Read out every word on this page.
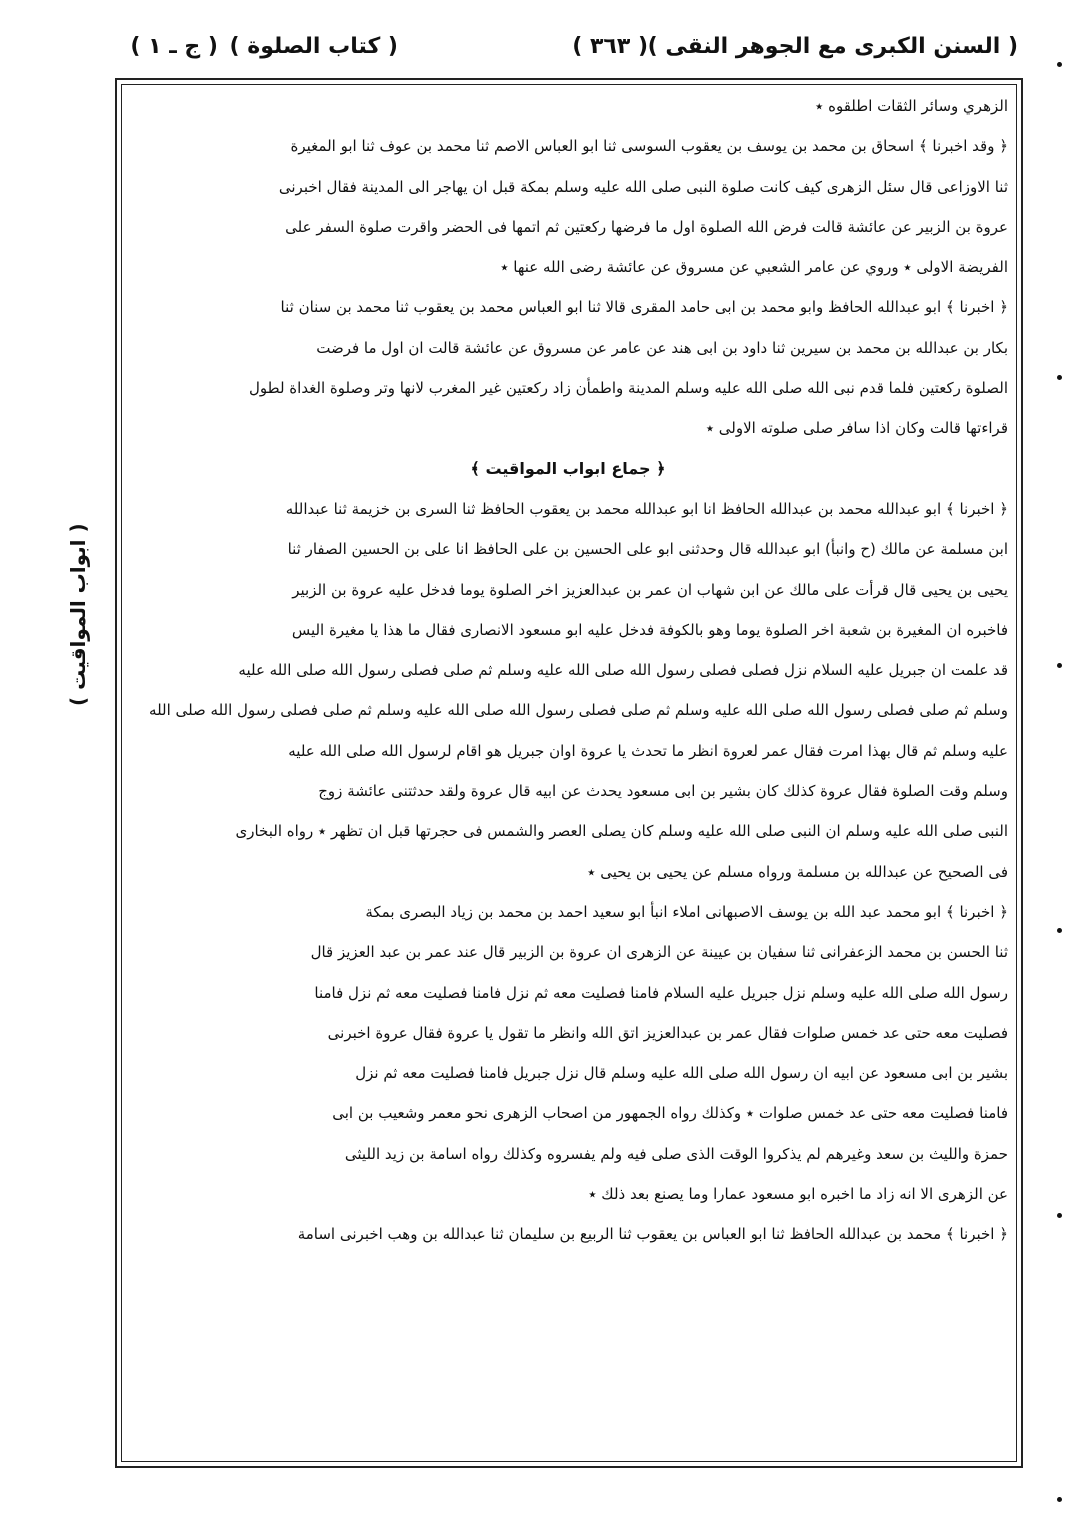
( السنن الكبرى مع الجوهر النقى )
( ٣٦٣ )
( كتاب الصلوة )
( ج ـ ١ )
( ابواب المواقيت )
الزهري وسائر الثقات اطلقوه ٭
﴿ وقد اخبرنا ﴾ اسحاق بن محمد بن يوسف بن يعقوب السوسی ثنا ابو العباس الاصم ثنا محمد بن عوف ثنا ابو المغيرة
ثنا الاوزاعی قال سئل الزهری كيف كانت صلوة النبی صلی الله عليه وسلم بمكة قبل ان يهاجر الی المدينة فقال اخبرنی
عروة بن الزبير عن عائشة قالت فرض الله الصلوة اول ما فرضها ركعتين ثم اتمها فی الحضر واقرت صلوة السفر علی
الفريضة الاولی ٭ وروي عن عامر الشعبي عن مسروق عن عائشة رضی الله عنها ٭
﴿ اخبرنا ﴾ ابو عبدالله الحافظ وابو محمد بن ابی حامد المقری قالا ثنا ابو العباس محمد بن يعقوب ثنا محمد بن سنان ثنا
بكار بن عبدالله بن محمد بن سيرين ثنا داود بن ابی هند عن عامر عن مسروق عن عائشة قالت ان اول ما فرضت
الصلوة ركعتين فلما قدم نبی الله صلی الله عليه وسلم المدينة واطمأن زاد ركعتين غير المغرب لانها وتر وصلوة الغداة لطول
قراءتها قالت وكان اذا سافر صلی صلوته الاولی ٭
﴿ جماع ابواب المواقيت ﴾
﴿ اخبرنا ﴾ ابو عبدالله محمد بن عبدالله الحافظ انا ابو عبدالله محمد بن يعقوب الحافظ ثنا السری بن خزيمة ثنا عبدالله
ابن مسلمة عن مالك (ح وانبأ) ابو عبدالله قال وحدثنی ابو علی الحسين بن علی الحافظ انا علی بن الحسين الصفار ثنا
يحيى بن يحيى قال قرأت علی مالك عن ابن شهاب ان عمر بن عبدالعزيز اخر الصلوة يوما فدخل عليه عروة بن الزبير
فاخبره ان المغيرة بن شعبة اخر الصلوة يوما وهو بالكوفة فدخل عليه ابو مسعود الانصاری فقال ما هذا يا مغيرة اليس
قد علمت ان جبريل عليه السلام نزل فصلی فصلی رسول الله صلی الله عليه وسلم ثم صلی فصلی رسول الله صلی الله عليه
وسلم ثم صلی فصلی رسول الله صلی الله عليه وسلم ثم صلی فصلی رسول الله صلی الله عليه وسلم ثم صلی فصلی رسول الله صلی الله
عليه وسلم ثم قال بهذا امرت فقال عمر لعروة انظر ما تحدث يا عروة اوان جبريل هو اقام لرسول الله صلی الله عليه
وسلم وقت الصلوة فقال عروة كذلك كان بشير بن ابی مسعود يحدث عن ابيه قال عروة ولقد حدثتنی عائشة زوج
النبی صلی الله عليه وسلم ان النبی صلی الله عليه وسلم كان يصلی العصر والشمس فی حجرتها قبل ان تظهر ٭ رواه البخاری
فی الصحيح عن عبدالله بن مسلمة ورواه مسلم عن يحيى بن يحيى ٭
﴿ اخبرنا ﴾ ابو محمد عبد الله بن يوسف الاصبهانی املاء انبأ ابو سعيد احمد بن محمد بن زياد البصری بمكة
ثنا الحسن بن محمد الزعفرانی ثنا سفيان بن عيينة عن الزهری ان عروة بن الزبير قال عند عمر بن عبد العزيز قال
رسول الله صلی الله عليه وسلم نزل جبريل عليه السلام فامنا فصليت معه ثم نزل فامنا فصليت معه ثم نزل فامنا
فصليت معه حتی عد خمس صلوات فقال عمر بن عبدالعزيز اتق الله وانظر ما تقول يا عروة فقال عروة اخبرنی
بشير بن ابی مسعود عن ابيه ان رسول الله صلی الله عليه وسلم قال نزل جبريل فامنا فصليت معه ثم نزل
فامنا فصليت معه حتی عد خمس صلوات ٭ وكذلك رواه الجمهور من اصحاب الزهری نحو معمر وشعيب بن ابی
حمزة والليث بن سعد وغيرهم لم يذكروا الوقت الذی صلی فيه ولم يفسروه وكذلك رواه اسامة بن زيد الليثی
عن الزهری الا انه زاد ما اخبره ابو مسعود عمارا وما يصنع بعد ذلك ٭
﴿ اخبرنا ﴾ محمد بن عبدالله الحافظ ثنا ابو العباس بن يعقوب ثنا الربيع بن سليمان ثنا عبدالله بن وهب اخبرنی اسامة
